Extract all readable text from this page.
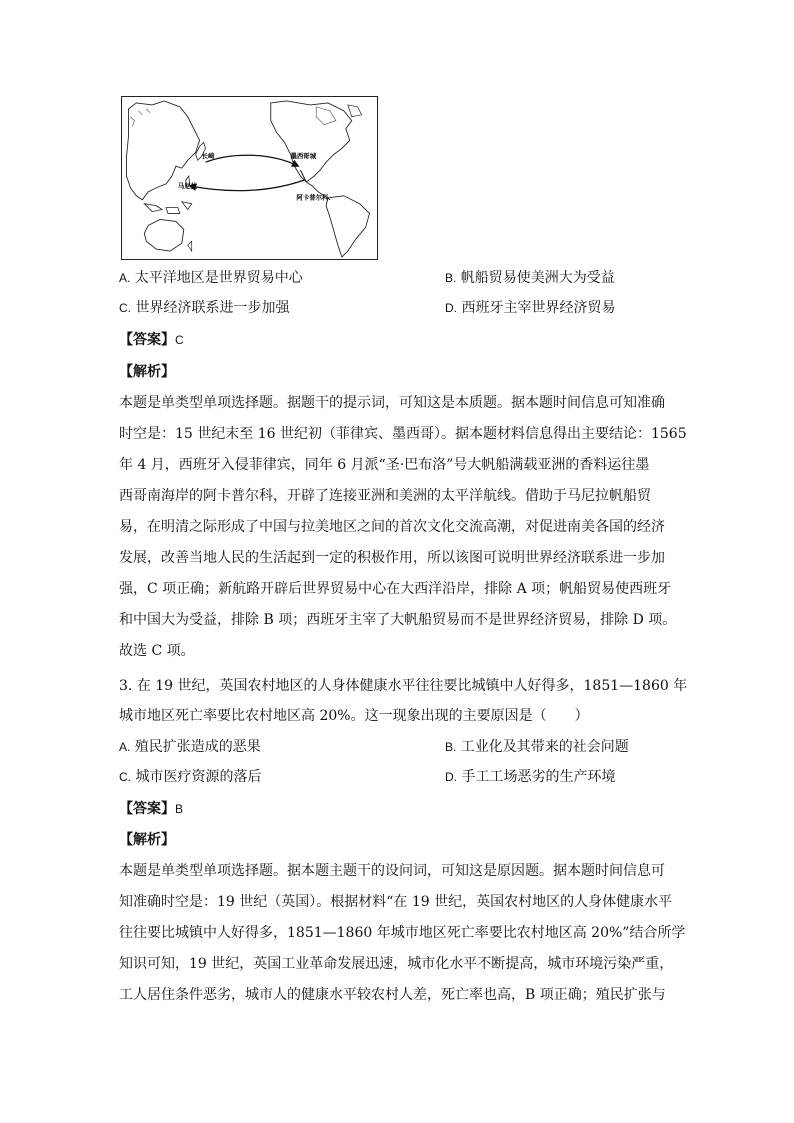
长崎	墨西哥城
马尼拉
阿卡普尔科
A. 太平洋地区是世界贸易中心	B. 帆船贸易使美洲大为受益
C. 世界经济联系进一步加强	D. 西班牙主宰世界经济贸易
【答案】C
【解析】
本题是单类型单项选择题。据题干的提示词，可知这是本质题。据本题时间信息可知准确
时空是：15 世纪末至 16 世纪初（菲律宾、墨西哥）。据本题材料信息得出主要结论：1565
年 4 月，西班牙入侵菲律宾，同年 6 月派“圣·巴布洛”号大帆船满载亚洲的香料运往墨
西哥南海岸的阿卡普尔科，开辟了连接亚洲和美洲的太平洋航线。借助于马尼拉帆船贸
易，在明清之际形成了中国与拉美地区之间的首次文化交流高潮，对促进南美各国的经济
发展，改善当地人民的生活起到一定的积极作用，所以该图可说明世界经济联系进一步加
强，C 项正确；新航路开辟后世界贸易中心在大西洋沿岸，排除 A 项；帆船贸易使西班牙
和中国大为受益，排除 B 项；西班牙主宰了大帆船贸易而不是世界经济贸易，排除 D 项。
故选 C 项。
3. 在 19 世纪，英国农村地区的人身体健康水平往往要比城镇中人好得多，1851—1860 年
城市地区死亡率要比农村地区高 20%。这一现象出现的主要原因是（　　）
A. 殖民扩张造成的恶果	B. 工业化及其带来的社会问题
C. 城市医疗资源的落后	D. 手工工场恶劣的生产环境
【答案】B
【解析】
本题是单类型单项选择题。据本题主题干的设问词，可知这是原因题。据本题时间信息可
知准确时空是：19 世纪（英国）。根据材料“在 19 世纪，英国农村地区的人身体健康水平
往往要比城镇中人好得多，1851—1860 年城市地区死亡率要比农村地区高 20%”结合所学
知识可知，19 世纪，英国工业革命发展迅速，城市化水平不断提高，城市环境污染严重，
工人居住条件恶劣，城市人的健康水平较农村人差，死亡率也高，B 项正确；殖民扩张与
